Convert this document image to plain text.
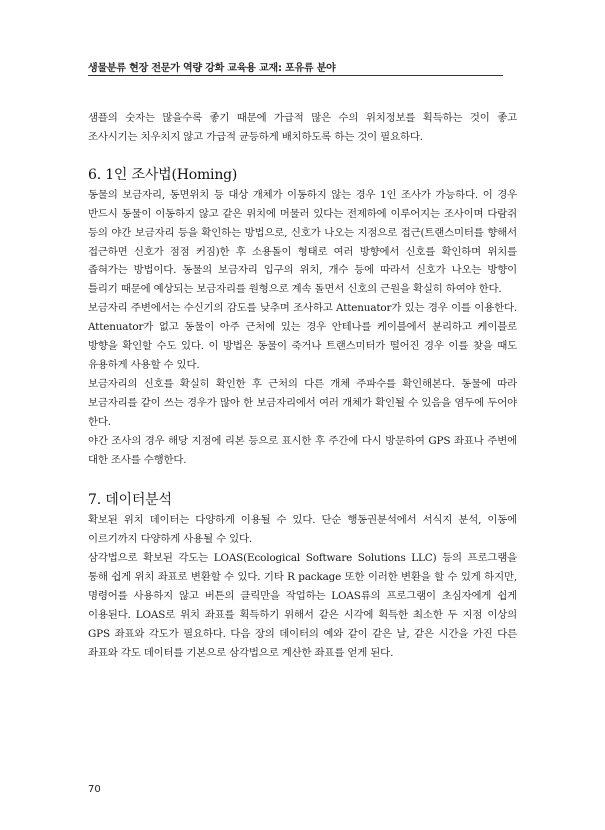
생물분류 현장 전문가 역량 강화 교육용 교재: 포유류 분야

샘플의 숫자는 많을수록 좋기 때문에 가급적 많은 수의 위치정보를 획득하는 것이 좋고 조사시기는 치우치지 않고 가급적 균등하게 배치하도록 하는 것이 필요하다.

6. 1인 조사법(Homing)

동물의 보금자리, 동면위치 등 대상 개체가 이동하지 않는 경우 1인 조사가 가능하다. 이 경우 반드시 동물이 이동하지 않고 같은 위치에 머물러 있다는 전제하에 이루어지는 조사이며 다람쥐 등의 야간 보금자리 등을 확인하는 방법으로, 신호가 나오는 지점으로 접근(트랜스미터를 향해서 접근하면 신호가 점점 커짐)한 후 소용돌이 형태로 여러 방향에서 신호를 확인하며 위치를 좁혀가는 방법이다. 동물의 보금자리 입구의 위치, 개수 등에 따라서 신호가 나오는 방향이 틀리기 때문에 예상되는 보금자리를 원형으로 계속 돌면서 신호의 근원을 확실히 하여야 한다.

보금자리 주변에서는 수신기의 감도를 낮추며 조사하고 Attenuator가 있는 경우 이를 이용한다. Attenuator가 없고 동물이 아주 근처에 있는 경우 안테나를 케이블에서 분리하고 케이블로 방향을 확인할 수도 있다. 이 방법은 동물이 죽거나 트랜스미터가 떨어진 경우 이를 찾을 때도 유용하게 사용할 수 있다.

보금자리의 신호를 확실히 확인한 후 근처의 다른 개체 주파수를 확인해본다. 동물에 따라 보금자리를 같이 쓰는 경우가 많아 한 보금자리에서 여러 개체가 확인될 수 있음을 염두에 두어야 한다.

야간 조사의 경우 해당 지점에 리본 등으로 표시한 후 주간에 다시 방문하여 GPS 좌표나 주변에 대한 조사를 수행한다.

7. 데이터분석

확보된 위치 데이터는 다양하게 이용될 수 있다. 단순 행동권분석에서 서식지 분석, 이동에 이르기까지 다양하게 사용될 수 있다.

삼각법으로 확보된 각도는 LOAS(Ecological Software Solutions LLC) 등의 프로그램을 통해 쉽게 위치 좌표로 변환할 수 있다. 기타 R package 또한 이러한 변환을 할 수 있게 하지만, 명령어를 사용하지 않고 버튼의 클릭만을 작업하는 LOAS류의 프로그램이 초심자에게 쉽게 이용된다. LOAS로 위치 좌표를 획득하기 위해서 같은 시각에 획득한 최소한 두 지점 이상의 GPS 좌표와 각도가 필요하다. 다음 장의 데이터의 예와 같이 같은 날, 같은 시간을 가진 다른 좌표와 각도 데이터를 기본으로 삼각법으로 계산한 좌표를 얻게 된다.

70
